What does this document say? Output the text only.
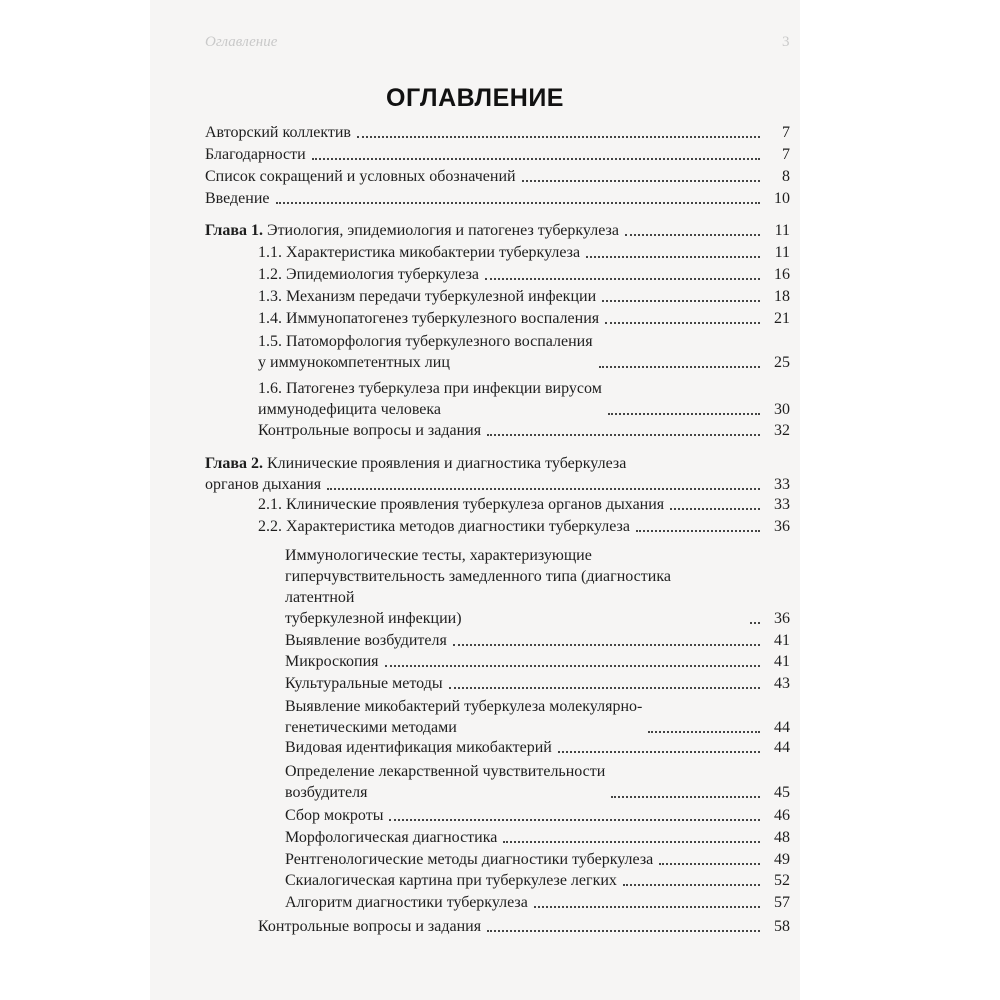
Оглавление	3
ОГЛАВЛЕНИЕ
Авторский коллектив	7
Благодарности	7
Список сокращений и условных обозначений	8
Введение	10
Глава 1. Этиология, эпидемиология и патогенез туберкулеза	11
1.1. Характеристика микобактерии туберкулеза	11
1.2. Эпидемиология туберкулеза	16
1.3. Механизм передачи туберкулезной инфекции	18
1.4. Иммунопатогенез туберкулезного воспаления	21
1.5. Патоморфология туберкулезного воспаления
у иммунокомпетентных лиц	25
1.6. Патогенез туберкулеза при инфекции вирусом
иммунодефицита человека	30
Контрольные вопросы и задания	32
Глава 2. Клинические проявления и диагностика туберкулеза
органов дыхания	33
2.1. Клинические проявления туберкулеза органов дыхания	33
2.2. Характеристика методов диагностики туберкулеза	36
Иммунологические тесты, характеризующие
гиперчувствительность замедленного типа (диагностика латентной
туберкулезной инфекции)	36
Выявление возбудителя	41
Микроскопия	41
Культуральные методы	43
Выявление микобактерий туберкулеза молекулярно-
генетическими методами	44
Видовая идентификация микобактерий	44
Определение лекарственной чувствительности
возбудителя	45
Сбор мокроты	46
Морфологическая диагностика	48
Рентгенологические методы диагностики туберкулеза	49
Скиалогическая картина при туберкулезе легких	52
Алгоритм диагностики туберкулеза	57
Контрольные вопросы и задания	58
